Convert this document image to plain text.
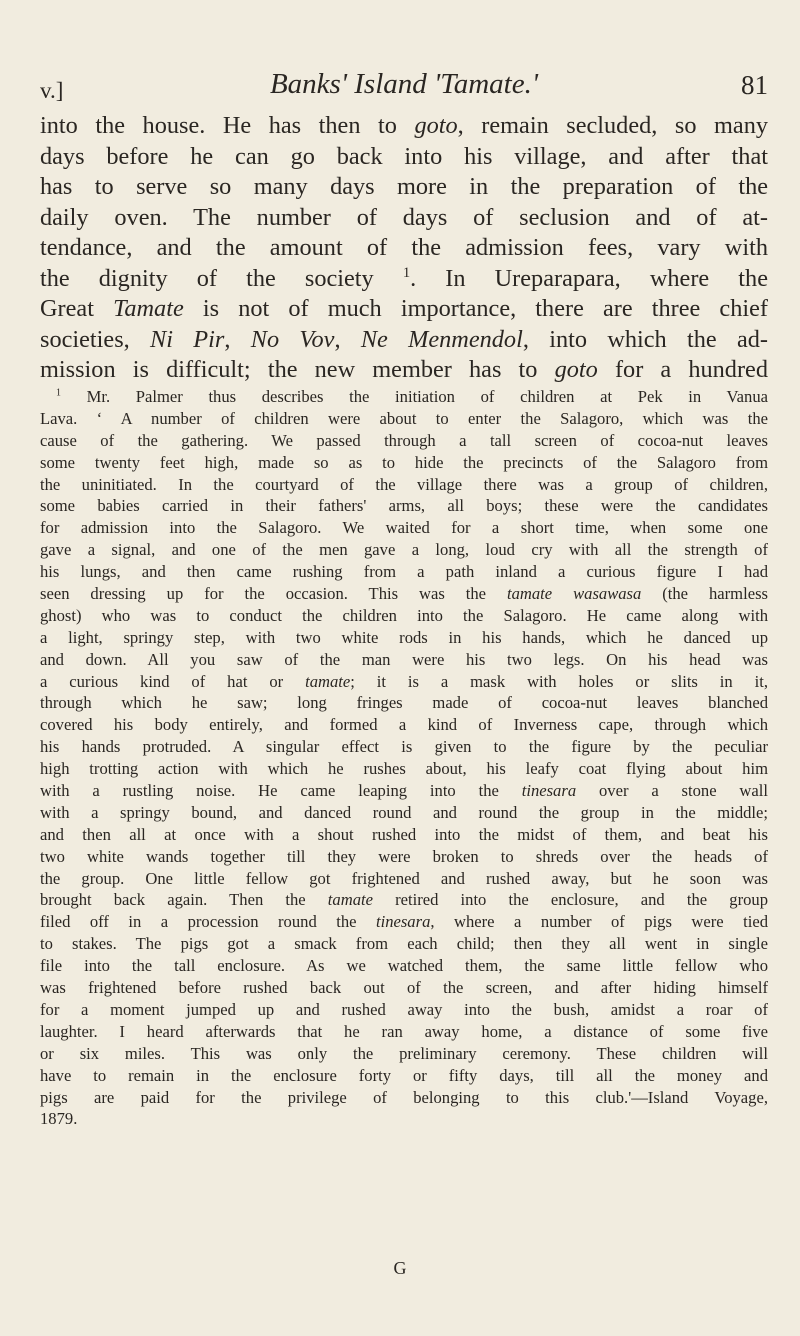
v.]	Banks' Island 'Tamate.'	81
into the house. He has then to goto, remain secluded, so many
days before he can go back into his village, and after that
has to serve so many days more in the preparation of the
daily oven. The number of days of seclusion and of at-
tendance, and the amount of the admission fees, vary with
the dignity of the society $^1$. In Ureparapara, where the
Great Tamate is not of much importance, there are three chief
societies, Ni Pir, No Vov, Ne Menmendol, into which the ad-
mission is difficult; the new member has to goto for a hundred
$^1$ Mr. Palmer thus describes the initiation of children at Pek in Vanua
Lava. ‘ A number of children were about to enter the Salagoro, which was the
cause of the gathering. We passed through a tall screen of cocoa-nut leaves
some twenty feet high, made so as to hide the precincts of the Salagoro from
the uninitiated. In the courtyard of the village there was a group of children,
some babies carried in their fathers' arms, all boys; these were the candidates
for admission into the Salagoro. We waited for a short time, when some one
gave a signal, and one of the men gave a long, loud cry with all the strength of
his lungs, and then came rushing from a path inland a curious figure I had
seen dressing up for the occasion. This was the tamate wasawasa (the harmless
ghost) who was to conduct the children into the Salagoro. He came along with
a light, springy step, with two white rods in his hands, which he danced up
and down. All you saw of the man were his two legs. On his head was
a curious kind of hat or tamate; it is a mask with holes or slits in it,
through which he saw; long fringes made of cocoa-nut leaves blanched
covered his body entirely, and formed a kind of Inverness cape, through which
his hands protruded. A singular effect is given to the figure by the peculiar
high trotting action with which he rushes about, his leafy coat flying about him
with a rustling noise. He came leaping into the tinesara over a stone wall
with a springy bound, and danced round and round the group in the middle;
and then all at once with a shout rushed into the midst of them, and beat his
two white wands together till they were broken to shreds over the heads of
the group. One little fellow got frightened and rushed away, but he soon was
brought back again. Then the tamate retired into the enclosure, and the group
filed off in a procession round the tinesara, where a number of pigs were tied
to stakes. The pigs got a smack from each child; then they all went in single
file into the tall enclosure. As we watched them, the same little fellow who
was frightened before rushed back out of the screen, and after hiding himself
for a moment jumped up and rushed away into the bush, amidst a roar of
laughter. I heard afterwards that he ran away home, a distance of some five
or six miles. This was only the preliminary ceremony. These children will
have to remain in the enclosure forty or fifty days, till all the money and
pigs are paid for the privilege of belonging to this club.'—Island Voyage,
1879.
G
